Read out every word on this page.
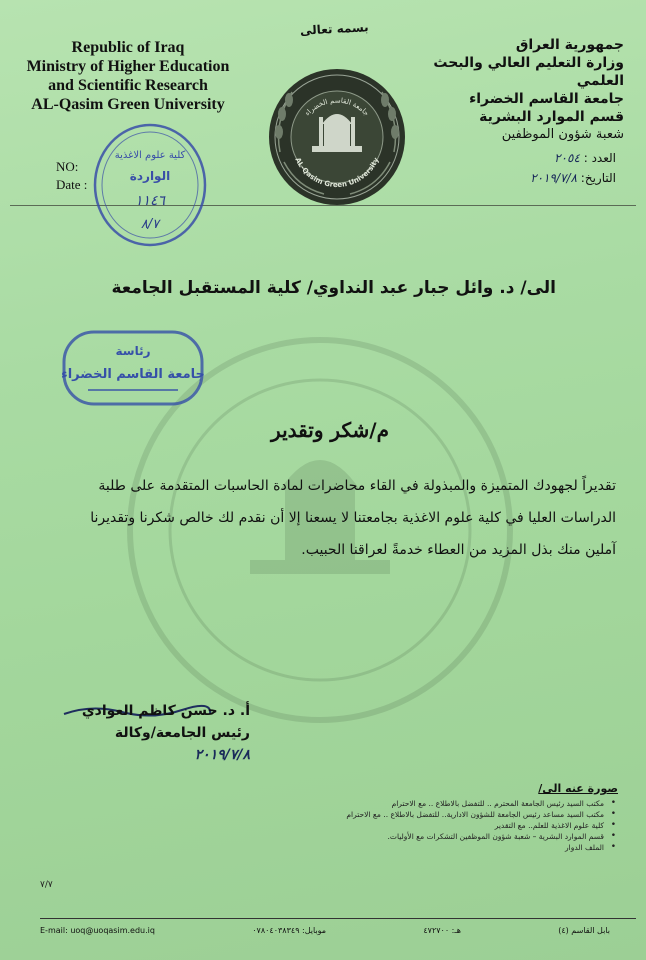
Republic of Iraq
Ministry of Higher Education
and Scientific Research
AL-Qasim Green University
بسمه تعالى
جمهورية العراق
وزارة التعليم العالي والبحث العلمي
جامعة القاسم الخضراء
قسم الموارد البشرية
شعبة شؤون الموظفين
AL-Qasim Green University
جامعة القاسم الخضراء
NO:
Date :
العدد : ٢٠٥٤
التاريخ: ٢٠١٩/٧/٨
كلية علوم الاغذية
الواردة
١١٤٦
٨/٧
رئاسة
جامعة القاسم الخضراء
الى/ د. وائل جبار عبد النداوي/ كلية المستقبل الجامعة
م/شكر وتقدير
تقديراً لجهودك المتميزة والمبذولة في القاء محاضرات لمادة الحاسبات المتقدمة على طلبة
الدراسات العليا في كلية علوم الاغذية بجامعتنا لا يسعنا إلا أن نقدم لك خالص شكرنا وتقديرنا
آملين منك بذل المزيد من العطاء خدمةً لعراقنا الحبيب.
أ. د. حسن كاظم العوادي
رئيس الجامعة/وكالة
٢٠١٩/٧/٨
صورة عنه الى/
• مكتب السيد رئيس الجامعة المحترم .. للتفضل بالاطلاع .. مع الاحترام
• مكتب السيد مساعد رئيس الجامعة للشؤون الادارية.. للتفضل بالاطلاع .. مع الاحترام
• كلية علوم الاغذية للعلم.. مع التقدير
• قسم الموارد البشرية – شعبة شؤون الموظفين التشكرات مع الأوليات.
• الملف الدوار
٧/٧
E-mail: uoq@uoqasim.edu.iq	موبايل: ٠٧٨٠٤٠٣٨٣٤٩	هـ: ٤٧٢٧٠٠	بابل القاسم (٤)
